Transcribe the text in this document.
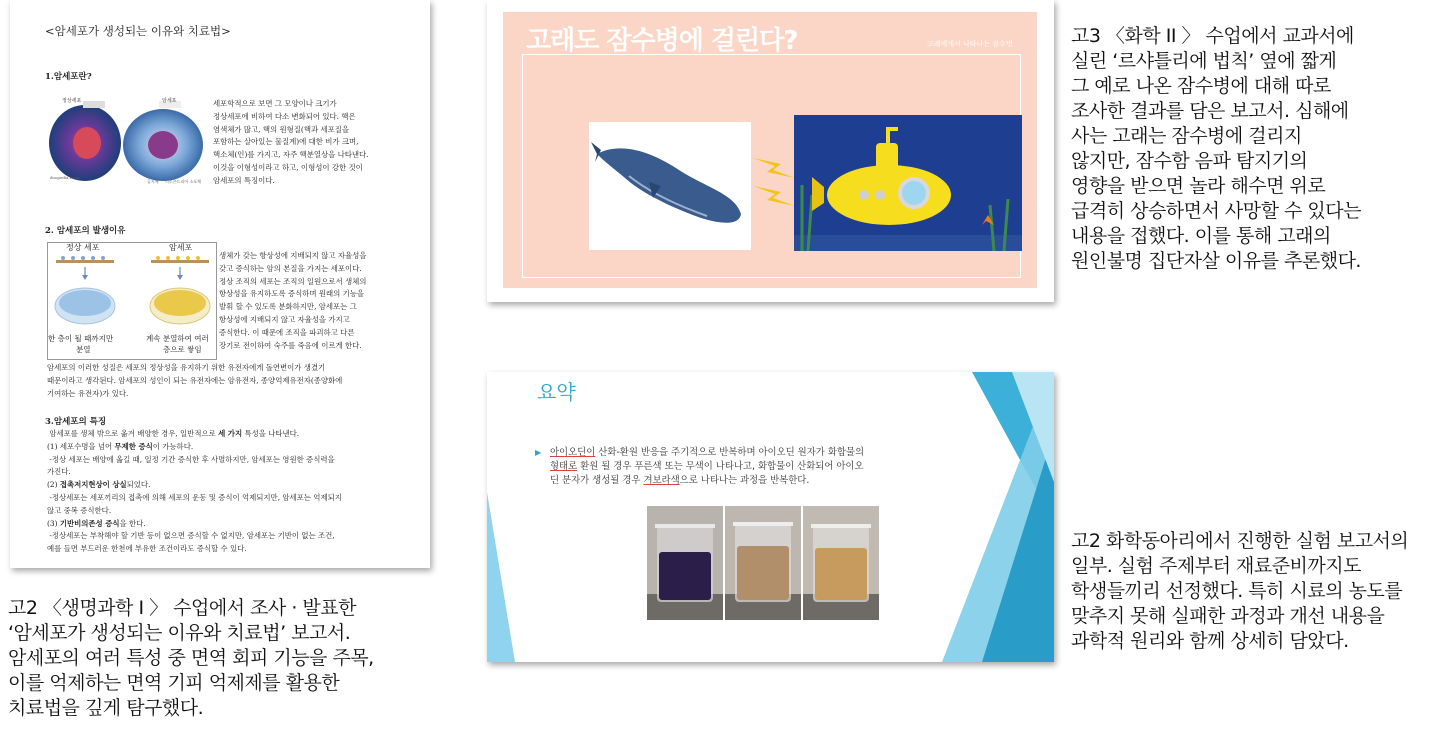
<암세포가 생성되는 이유와 치료법>
1.암세포란?
정상세포	암세포
doopedia.co.kr
골지체 미토콘드리아 소포체

세포학적으로 보면 그 모양이나 크기가

정상세포에 비하여 다소 변화되어 있다. 핵은

염색체가 많고, 핵의 원형질(핵과 세포질을

포함하는 살아있는 물질계)에 대한 비가 크며,

핵소체(인)를 가지고, 자주 핵분열상을 나타낸다.

이것을 이형성이라고 하고, 이형성이 강한 것이

암세포의 특징이다.

2. 암세포의 발생이유
정상 세포	암세포
한 층이 될 때까지만
분열
계속 분열하여 여러
층으로 쌓임

생체가 갖는 항상성에 지배되지 않고 자율성을

갖고 증식하는 암의 본질을 가지는 세포이다.

정상 조직의 세포는 조직의 일원으로서 생체의

항상성을 유지하도록 증식하며 원래의 기능을

발휘 할 수 있도록 분화하지만, 암세포는 그

항상성에 지배되지 않고 자율성을 가지고

증식한다. 이 때문에 조직을 파괴하고 다른

장기로 전이하여 숙주를 죽음에 이르게 한다.

암세포의 이러한 성질은 세포의 정상성을 유지하기 위한 유전자에게 돌연변이가 생겼기

때문이라고 생각된다. 암세포의 성인이 되는 유전자에는 암유전자, 종양억제유전자(종양화에

기여하는 유전자)가 있다.

3.암세포의 특징

암세포를 생체 밖으로 옮겨 배양한 경우, 일반적으로 세 가지 특성을 나타낸다.

(1) 세포수명을 넘어 무제한 증식이 가능하다.

-정상 세포는 배양에 옮길 때, 일정 기간 증식한 후 사멸하지만, 암세포는 영원한 증식력을

가진다.

(2) 접촉저지현상이 상실되었다.

-정상세포는 세포끼리의 접촉에 의해 세포의 운동 및 증식이 억제되지만, 암세포는 억제되지

않고 중복 증식한다.

(3) 기반비의존성 증식을 한다.

-정상세포는 부착해야 할 기반 등이 없으면 증식할 수 없지만, 암세포는 기반이 없는 조건,

예를 들면 부드러운 한천에 부유한 조건이라도 증식할 수 있다.

고2 〈생명과학 I 〉 수업에서 조사 · 발표한

‘암세포가 생성되는 이유와 치료법’ 보고서.

암세포의 여러 특성 중 면역 회피 기능을 주목,

이를 억제하는 면역 기피 억제제를 활용한

치료법을 깊게 탐구했다.

고래도 잠수병에 걸린다?	고래에게서 나타나는 잠수병	고3 〈화학 II 〉 수업에서 교과서에

실린 ‘르샤틀리에 법칙’ 옆에 짧게

그 예로 나온 잠수병에 대해 따로

조사한 결과를 담은 보고서. 심해에

사는 고래는 잠수병에 걸리지

않지만, 잠수함 음파 탐지기의

영향을 받으면 놀라 해수면 위로

급격히 상승하면서 사망할 수 있다는

내용을 접했다. 이를 통해 고래의

원인불명 집단자살 이유를 추론했다.

요약
▶ 아이오딘이 산화-환원 반응을 주기적으로 반복하며 아이오딘 원자가 화합물의

형태로 환원 될 경우 푸른색 또는 무색이 나타나고, 화합물이 산화되어 아이오

딘 분자가 생성될 경우 겨보라색으로 나타나는 과정을 반복한다.

고2 화학동아리에서 진행한 실험 보고서의

일부. 실험 주제부터 재료준비까지도

학생들끼리 선정했다. 특히 시료의 농도를

맞추지 못해 실패한 과정과 개선 내용을

과학적 원리와 함께 상세히 담았다.
